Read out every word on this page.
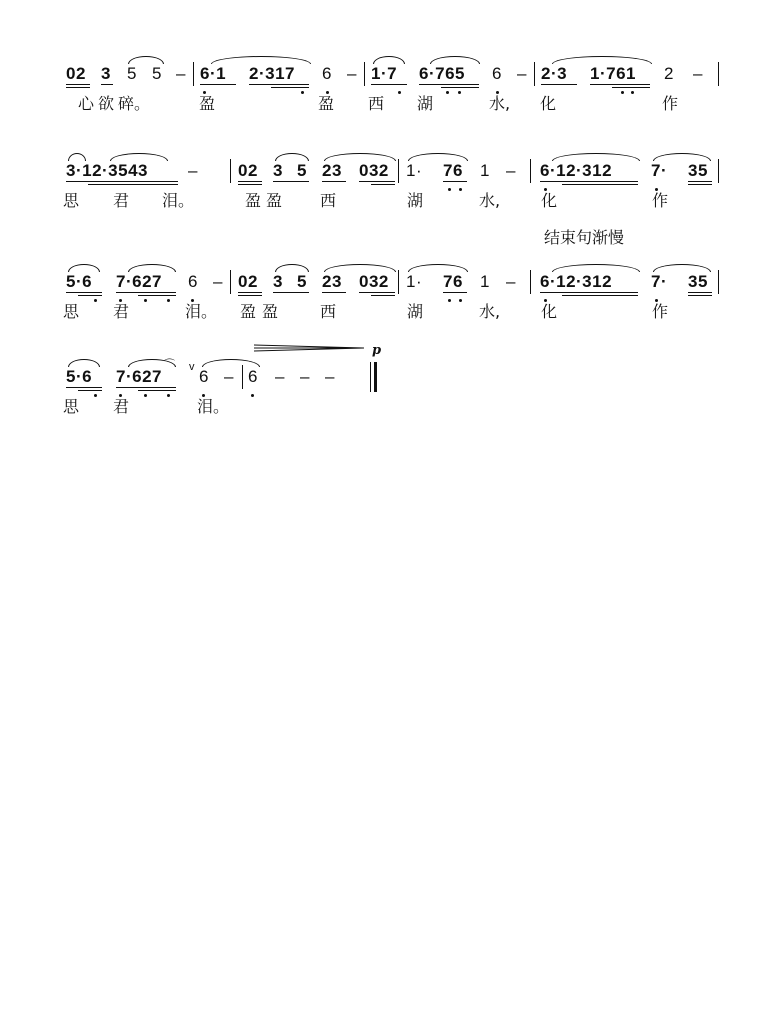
02 3 5 5 – 6·1 2·317 6 – 1·7 6·765 6 – 2·3 1·761 2 –
心 欲 碎。	盈	盈 西 湖	水, 化	作
3·12·3543 – 02 3 5 23 032 1· 76 1 – 6·12·312 7· 35
思 君 泪。	盈 盈 西	湖	水,	化	作
结束句渐慢
5·6 7·627 6 – 02 3 5 23 032 1· 76 1 – 6·12·312 7· 35
思 君	泪。 盈 盈	西	湖	水,	化	作
p
5·6 7·627
⌒ v 6 – 6 – – –
思 君	泪。
